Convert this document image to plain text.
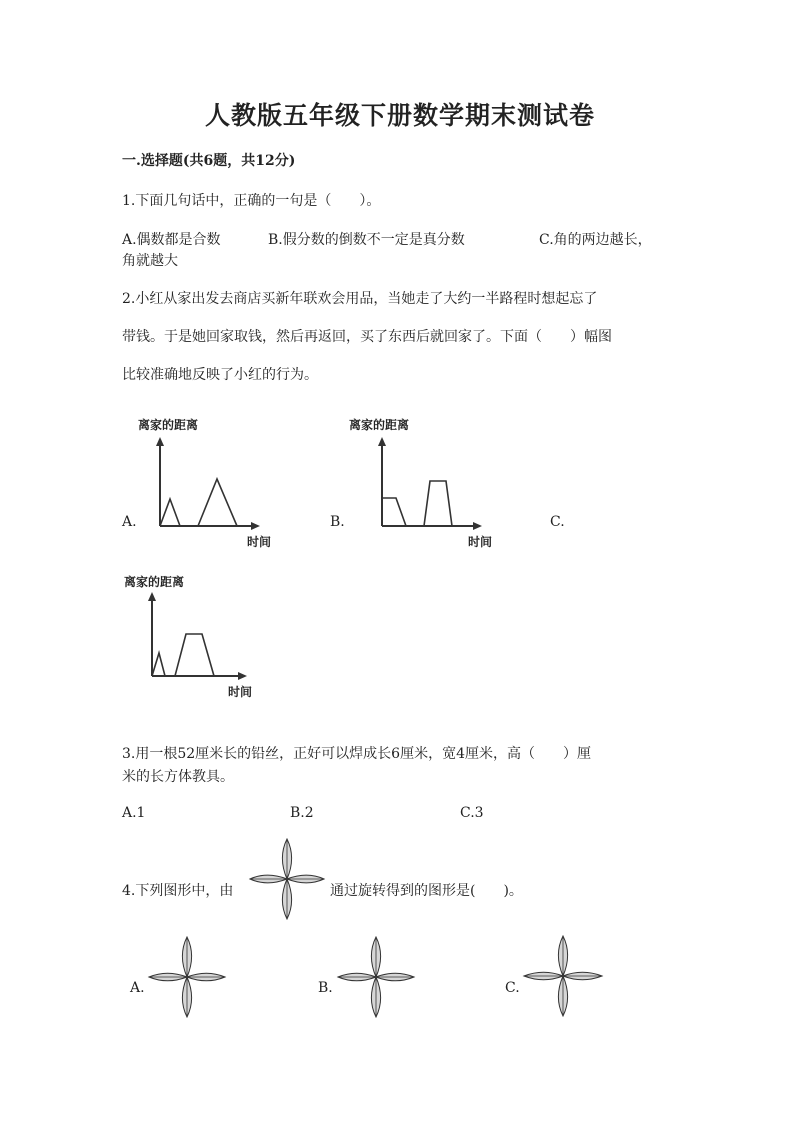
人教版五年级下册数学期末测试卷
一.选择题(共6题，共12分)
1.下面几句话中，正确的一句是（　　）。
A.偶数都是合数	B.假分数的倒数不一定是真分数	C.角的两边越长，
角就越大
2.小红从家出发去商店买新年联欢会用品，当她走了大约一半路程时想起忘了
带钱。于是她回家取钱，然后再返回，买了东西后就回家了。下面（　　）幅图
比较准确地反映了小红的行为。
A.
离家的距离
时间
B.
离家的距离
时间
C.
离家的距离
时间
3.用一根52厘米长的铅丝，正好可以焊成长6厘米，宽4厘米，高（　　）厘
米的长方体教具。
A.1	B.2	C.3
4.下列图形中，由	通过旋转得到的图形是(　　)。
A.	B.	C.
